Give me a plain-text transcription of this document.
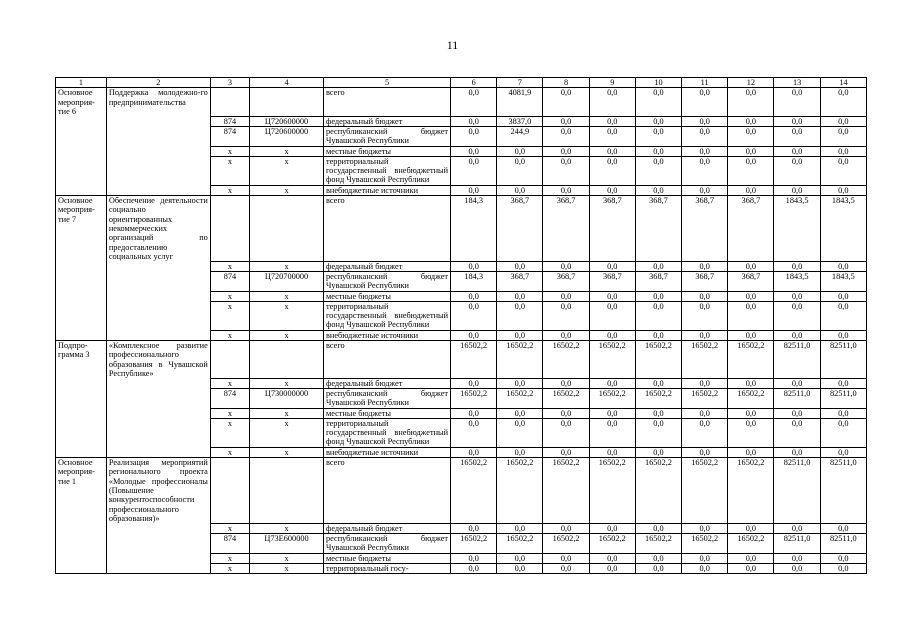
11
1	2	3	4	5	6	7	8	9	10	11	12	13	14
Основное мероприя-тие 6	Поддержка молодежно-го предпринимательства			всего	0,0	4081,9	0,0	0,0	0,0	0,0	0,0	0,0	0,0
		874	Ц720600000	федеральный бюджет	0,0	3837,0	0,0	0,0	0,0	0,0	0,0	0,0	0,0
		874	Ц720600000	республиканский бюджет Чувашской Республики	0,0	244,9	0,0	0,0	0,0	0,0	0,0	0,0	0,0
		х	х	местные бюджеты	0,0	0,0	0,0	0,0	0,0	0,0	0,0	0,0	0,0
		х	х	территориальный государственный внебюджетный фонд Чувашской Республики	0,0	0,0	0,0	0,0	0,0	0,0	0,0	0,0	0,0
		х	х	внебюджетные источники	0,0	0,0	0,0	0,0	0,0	0,0	0,0	0,0	0,0
Основное мероприя-тие 7	Обеспечение деятельности социально ориентированных некоммерческих организаций по предоставлению социальных услуг			всего	184,3	368,7	368,7	368,7	368,7	368,7	368,7	1843,5	1843,5
		х	х	федеральный бюджет	0,0	0,0	0,0	0,0	0,0	0,0	0,0	0,0	0,0
		874	Ц720700000	республиканский бюджет Чувашской Республики	184,3	368,7	368,7	368,7	368,7	368,7	368,7	1843,5	1843,5
		х	х	местные бюджеты	0,0	0,0	0,0	0,0	0,0	0,0	0,0	0,0	0,0
		х	х	территориальный государственный внебюджетный фонд Чувашской Республики	0,0	0,0	0,0	0,0	0,0	0,0	0,0	0,0	0,0
		х	х	внебюджетные источники	0,0	0,0	0,0	0,0	0,0	0,0	0,0	0,0	0,0
Подпро-грамма 3	«Комплексное развитие профессионального образования в Чувашской Республике»			всего	16502,2	16502,2	16502,2	16502,2	16502,2	16502,2	16502,2	82511,0	82511,0
		х	х	федеральный бюджет	0,0	0,0	0,0	0,0	0,0	0,0	0,0	0,0	0,0
		874	Ц730000000	республиканский бюджет Чувашской Республики	16502,2	16502,2	16502,2	16502,2	16502,2	16502,2	16502,2	82511,0	82511,0
		х	х	местные бюджеты	0,0	0,0	0,0	0,0	0,0	0,0	0,0	0,0	0,0
		х	х	территориальный государственный внебюджетный фонд Чувашской Республики	0,0	0,0	0,0	0,0	0,0	0,0	0,0	0,0	0,0
		х	х	внебюджетные источники	0,0	0,0	0,0	0,0	0,0	0,0	0,0	0,0	0,0
Основное мероприя-тие 1	Реализация мероприятий регионального проекта «Молодые профессионалы (Повышение конкурентоспособности профессионального образования)»			всего	16502,2	16502,2	16502,2	16502,2	16502,2	16502,2	16502,2	82511,0	82511,0
		х	х	федеральный бюджет	0,0	0,0	0,0	0,0	0,0	0,0	0,0	0,0	0,0
		874	Ц73Е600000	республиканский бюджет Чувашской Республики	16502,2	16502,2	16502,2	16502,2	16502,2	16502,2	16502,2	82511,0	82511,0
		х	х	местные бюджеты	0,0	0,0	0,0	0,0	0,0	0,0	0,0	0,0	0,0
		х	х	территориальный госу-	0,0	0,0	0,0	0,0	0,0	0,0	0,0	0,0	0,0
